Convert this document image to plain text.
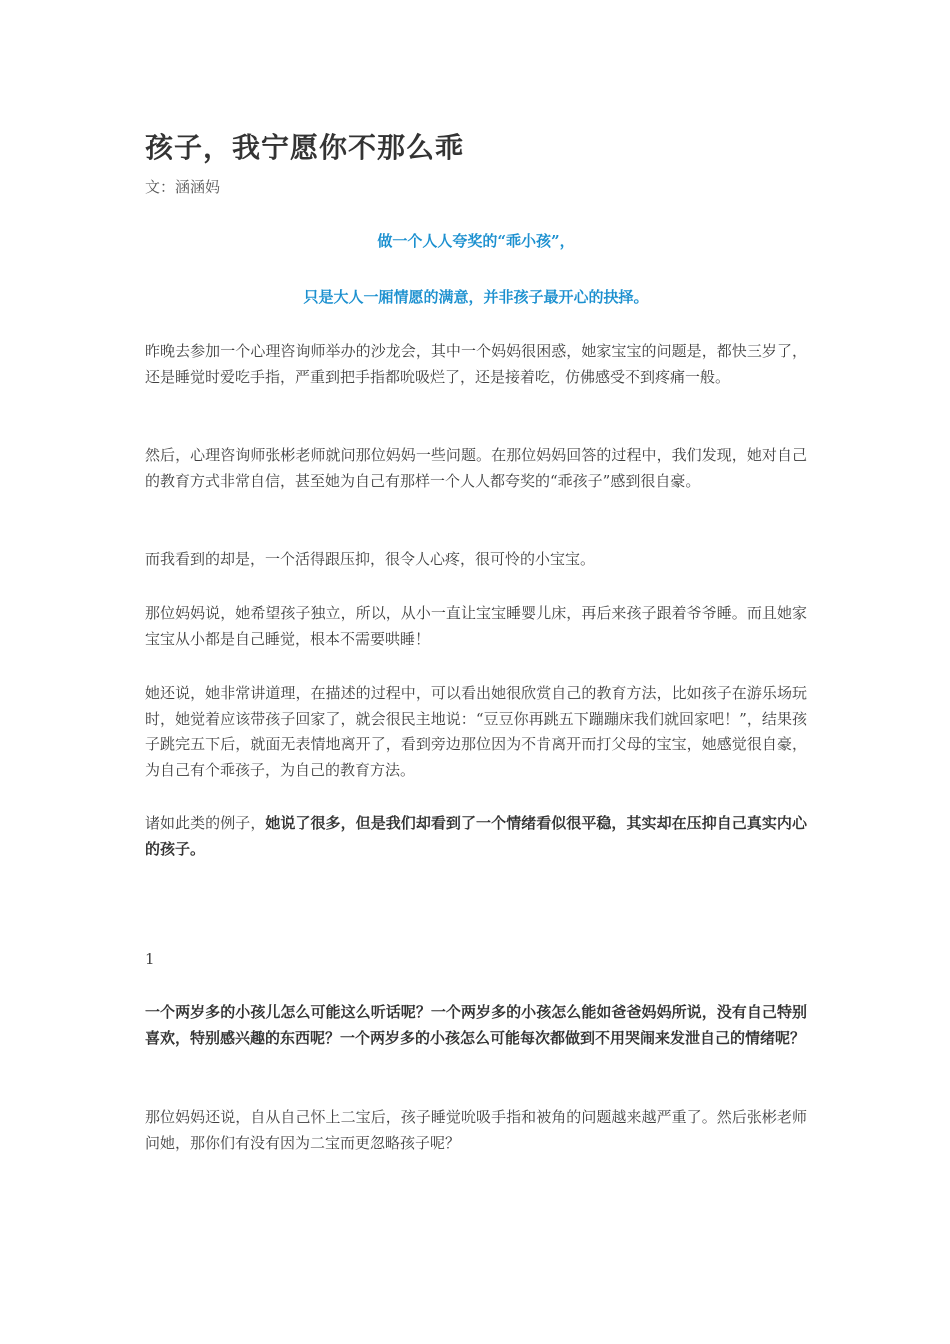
孩子，我宁愿你不那么乖
文：涵涵妈
做一个人人夸奖的“乖小孩”，
只是大人一厢情愿的满意，并非孩子最开心的抉择。
昨晚去参加一个心理咨询师举办的沙龙会，其中一个妈妈很困惑，她家宝宝的问题是，都快三岁了，还是睡觉时爱吃手指，严重到把手指都吮吸烂了，还是接着吃，仿佛感受不到疼痛一般。
然后，心理咨询师张彬老师就问那位妈妈一些问题。在那位妈妈回答的过程中，我们发现，她对自己的教育方式非常自信，甚至她为自己有那样一个人人都夸奖的“乖孩子”感到很自豪。
而我看到的却是，一个活得跟压抑，很令人心疼，很可怜的小宝宝。
那位妈妈说，她希望孩子独立，所以，从小一直让宝宝睡婴儿床，再后来孩子跟着爷爷睡。而且她家宝宝从小都是自己睡觉，根本不需要哄睡！
她还说，她非常讲道理，在描述的过程中，可以看出她很欣赏自己的教育方法，比如孩子在游乐场玩时，她觉着应该带孩子回家了，就会很民主地说：“豆豆你再跳五下蹦蹦床我们就回家吧！”，结果孩子跳完五下后，就面无表情地离开了，看到旁边那位因为不肯离开而打父母的宝宝，她感觉很自豪，为自己有个乖孩子，为自己的教育方法。
诸如此类的例子，她说了很多，但是我们却看到了一个情绪看似很平稳，其实却在压抑自己真实内心的孩子。
1
一个两岁多的小孩儿怎么可能这么听话呢？一个两岁多的小孩怎么能如爸爸妈妈所说，没有自己特别喜欢，特别感兴趣的东西呢？一个两岁多的小孩怎么可能每次都做到不用哭闹来发泄自己的情绪呢？
那位妈妈还说，自从自己怀上二宝后，孩子睡觉吮吸手指和被角的问题越来越严重了。然后张彬老师问她，那你们有没有因为二宝而更忽略孩子呢？
